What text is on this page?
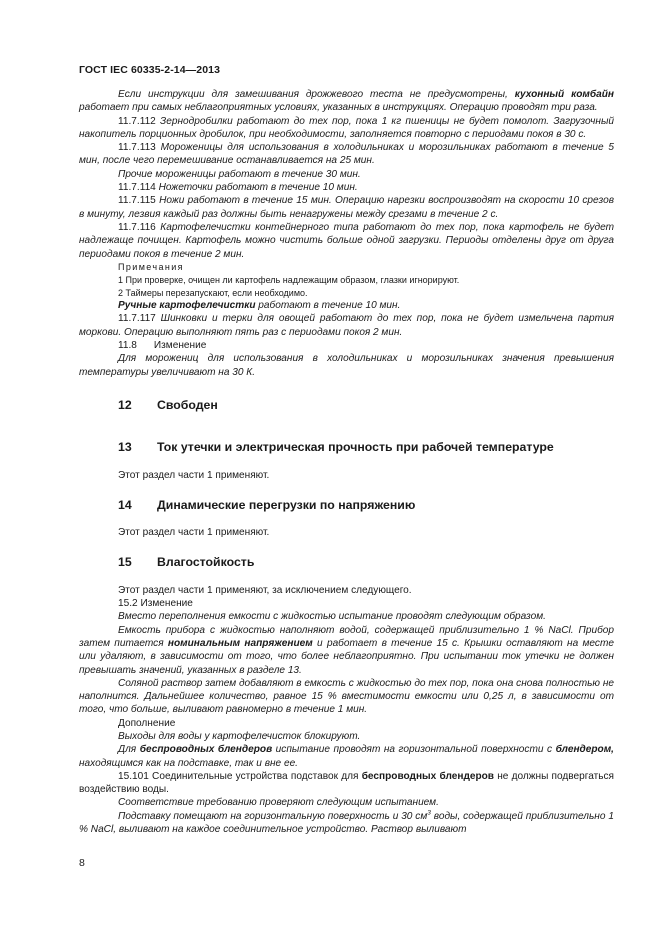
ГОСТ IEC 60335-2-14—2013

Если инструкции для замешивания дрожжевого теста не предусмотрены, кухонный комбайн работает при самых неблагоприятных условиях, указанных в инструкциях. Операцию проводят три раза.

11.7.112 Зернодробилки работают до тех пор, пока 1 кг пшеницы не будет помолот. Загрузочный накопитель порционных дробилок, при необходимости, заполняется повторно с периодами покоя в 30 с.

11.7.113 Мороженицы для использования в холодильниках и морозильниках работают в течение 5 мин, после чего перемешивание останавливается на 25 мин.

Прочие мороженицы работают в течение 30 мин.

11.7.114 Ножеточки работают в течение 10 мин.

11.7.115 Ножи работают в течение 15 мин. Операцию нарезки воспроизводят на скорости 10 срезов в минуту, лезвия каждый раз должны быть ненагружены между срезами в течение 2 с.

11.7.116 Картофелечистки контейнерного типа работают до тех пор, пока картофель не будет надлежаще почищен. Картофель можно чистить больше одной загрузки. Периоды отделены друг от друга периодами покоя в течение 2 мин.

Примечания

1 При проверке, очищен ли картофель надлежащим образом, глазки игнорируют.

2 Таймеры перезапускают, если необходимо.

Ручные картофелечистки работают в течение 10 мин.

11.7.117 Шинковки и терки для овощей работают до тех пор, пока не будет измельчена партия моркови. Операцию выполняют пять раз с периодами покоя 2 мин.

11.8 Изменение

Для морожениц для использования в холодильниках и морозильниках значения превышения температуры увеличивают на 30 К.

12	Свободен
13	Ток утечки и электрическая прочность при рабочей температуре

Этот раздел части 1 применяют.

14	Динамические перегрузки по напряжению

Этот раздел части 1 применяют.

15	Влагостойкость

Этот раздел части 1 применяют, за исключением следующего.

15.2 Изменение

Вместо переполнения емкости с жидкостью испытание проводят следующим образом.

Емкость прибора с жидкостью наполняют водой, содержащей приблизительно 1 % NaCl. Прибор затем питается номинальным напряжением и работает в течение 15 с. Крышки оставляют на месте или удаляют, в зависимости от того, что более неблагоприятно. При испытании ток утечки не должен превышать значений, указанных в разделе 13.

Соляной раствор затем добавляют в емкость с жидкостью до тех пор, пока она снова полностью не наполнится. Дальнейшее количество, равное 15 % вместимости емкости или 0,25 л, в зависимости от того, что больше, выливают равномерно в течение 1 мин.

Дополнение

Выходы для воды у картофелечисток блокируют.

Для беспроводных блендеров испытание проводят на горизонтальной поверхности с блендером, находящимся как на подставке, так и вне ее.

15.101 Соединительные устройства подставок для беспроводных блендеров не должны подвергаться воздействию воды.

Соответствие требованию проверяют следующим испытанием.

Подставку помещают на горизонтальную поверхность и 30 $см^3$ воды, содержащей приблизительно 1 % NaCl, выливают на каждое соединительное устройство. Раствор выливают

8
